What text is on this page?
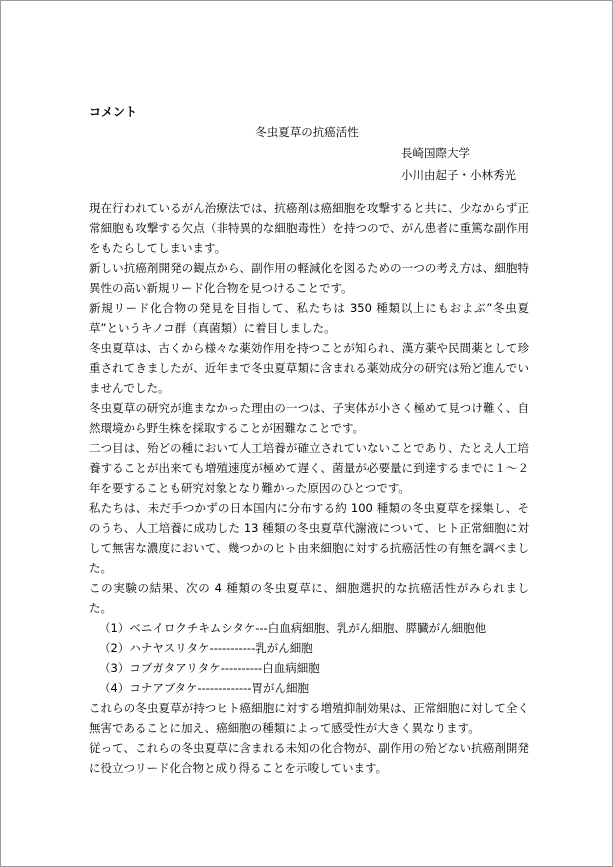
コメント
冬虫夏草の抗癌活性
長崎国際大学
小川由起子・小林秀光

現在行われているがん治療法では、抗癌剤は癌細胞を攻撃すると共に、少なからず正常細胞も攻撃する欠点（非特異的な細胞毒性）を持つので、がん患者に重篤な副作用をもたらしてしまいます。

新しい抗癌剤開発の観点から、副作用の軽減化を図るための一つの考え方は、細胞特異性の高い新規リード化合物を見つけることです。

新規リード化合物の発見を目指して、私たちは 350 種類以上にもおよぶ”冬虫夏草”というキノコ群（真菌類）に着目しました。

冬虫夏草は、古くから様々な薬効作用を持つことが知られ、漢方薬や民間薬として珍重されてきましたが、近年まで冬虫夏草類に含まれる薬効成分の研究は殆ど進んでいませんでした。

冬虫夏草の研究が進まなかった理由の一つは、子実体が小さく極めて見つけ難く、自然環境から野生株を採取することが困難なことです。

二つ目は、殆どの種において人工培養が確立されていないことであり、たとえ人工培養することが出来ても増殖速度が極めて遅く、菌量が必要量に到達するまでに１～２年を要することも研究対象となり難かった原因のひとつです。

私たちは、未だ手つかずの日本国内に分布する約 100 種類の冬虫夏草を採集し、そのうち、人工培養に成功した 13 種類の冬虫夏草代謝液について、ヒト正常細胞に対して無害な濃度において、幾つかのヒト由来細胞に対する抗癌活性の有無を調べました。

この実験の結果、次の 4 種類の冬虫夏草に、細胞選択的な抗癌活性がみられました。

（1）ベニイロクチキムシタケ---白血病細胞、乳がん細胞、膵臓がん細胞他
（2）ハナヤスリタケ-----------乳がん細胞
（3）コブガタアリタケ----------白血病細胞
（4）コナアブタケ-------------胃がん細胞

これらの冬虫夏草が持つヒト癌細胞に対する増殖抑制効果は、正常細胞に対して全く無害であることに加え、癌細胞の種類によって感受性が大きく異なります。

従って、これらの冬虫夏草に含まれる未知の化合物が、副作用の殆どない抗癌剤開発に役立つリード化合物と成り得ることを示唆しています。
